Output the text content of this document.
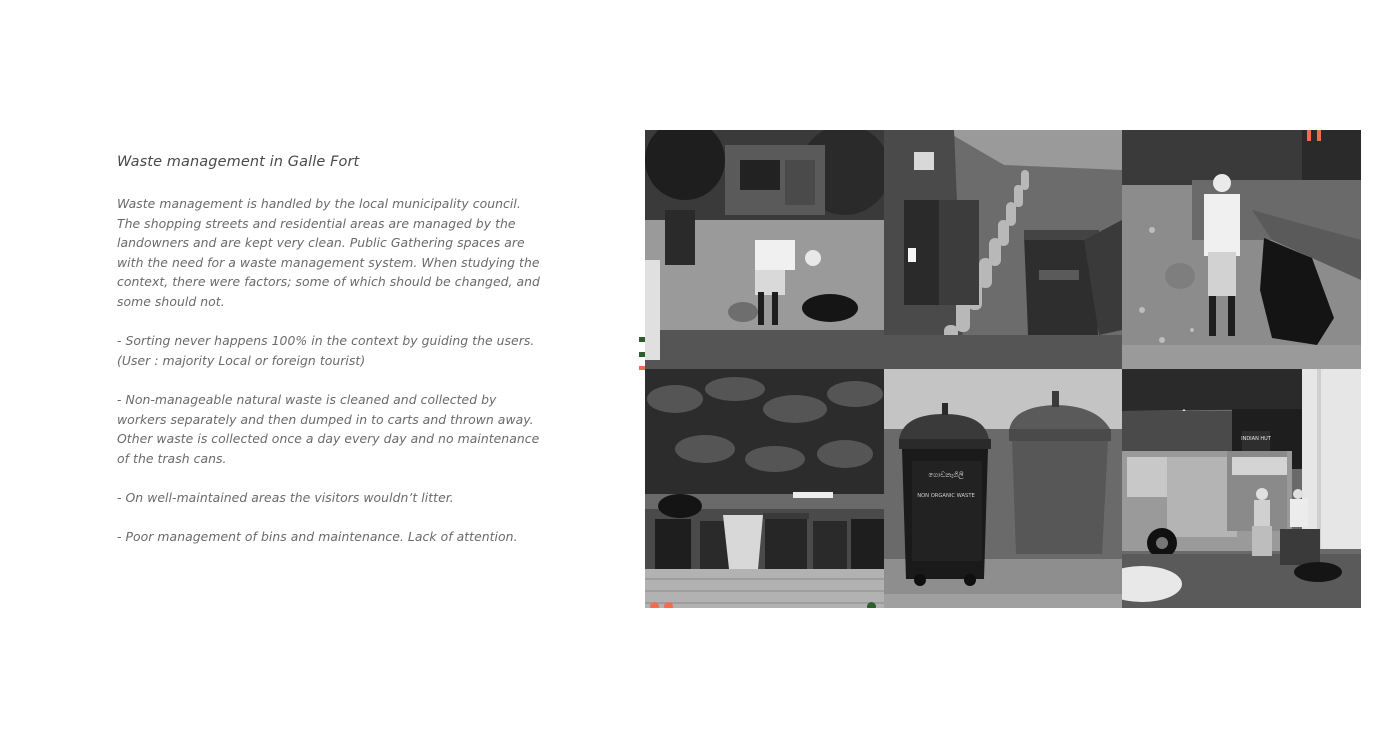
Waste management in Galle Fort

Waste management is handled by the local municipality council. The shopping streets and residential areas are managed by the landowners and are kept very clean. Public Gathering spaces are with the need for a waste management system. When studying the context, there were factors; some of which should be changed, and some should not.

- Sorting never happens 100% in the context by guiding the users. (User : majority Local or foreign tourist)

- Non-manageable natural waste is cleaned and collected by workers separately and then dumped in to carts and thrown away. Other waste is collected once a day every day and no maintenance of the trash cans.

- On well-maintained areas the visitors wouldn’t litter.

- Poor management of bins and maintenance. Lack of attention.

ගොඩනැගිලි
NON ORGANIC WASTE
INDIAN HUT
